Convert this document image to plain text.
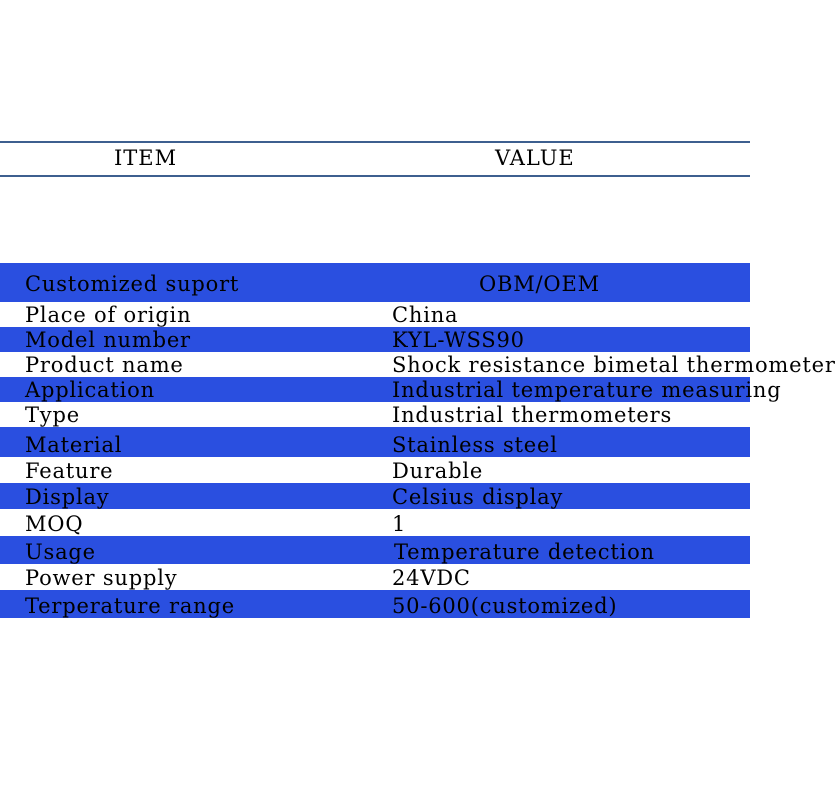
ITEM	VALUE
Customized suport	OBM/OEM
Place of origin	China
Model number	KYL-WSS90
Product name	Shock resistance bimetal thermometer
Application	Industrial temperature measuring
Type	Industrial thermometers
Material	Stainless steel
Feature	Durable
Display	Celsius display
MOQ	1
Usage	Temperature detection
Power supply	24VDC
Terperature range	50-600(customized)
